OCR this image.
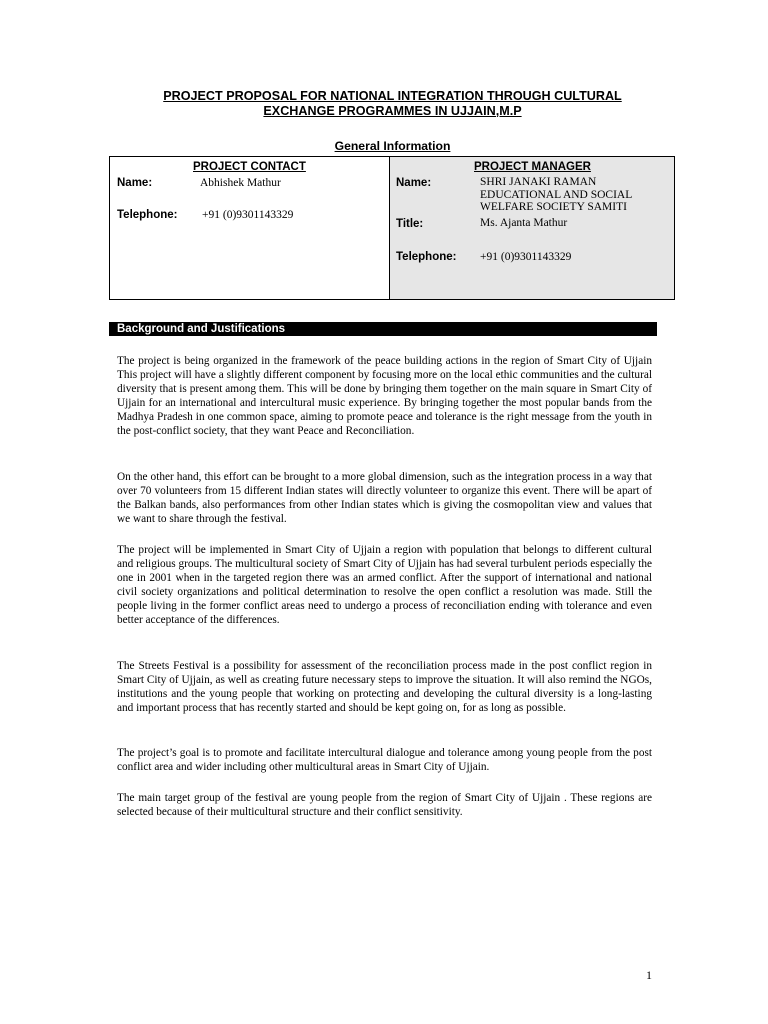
PROJECT PROPOSAL FOR NATIONAL INTEGRATION THROUGH CULTURAL
EXCHANGE PROGRAMMES IN UJJAIN,M.P
General Information
PROJECT CONTACT
Name:	Abhishek Mathur
Telephone: +91 (0)9301143329
PROJECT MANAGER
Name:	SHRI JANAKI RAMAN
EDUCATIONAL AND SOCIAL
WELFARE SOCIETY SAMITI
Title:	Ms. Ajanta Mathur
Telephone: +91 (0)9301143329
Background and Justifications

The project is being organized in the framework of the peace building actions in the region of Smart City of Ujjain This project will have a slightly different component by focusing more on the local ethic communities and the cultural diversity that is present among them. This will be done by bringing them together on the main square in Smart City of Ujjain for an international and intercultural music experience. By bringing together the most popular bands from the Madhya Pradesh in one common space, aiming to promote peace and tolerance is the right message from the youth in the post-conflict society, that they want Peace and Reconciliation.

On the other hand, this effort can be brought to a more global dimension, such as the integration process in a way that over 70 volunteers from 15 different Indian states will directly volunteer to organize this event. There will be apart of the Balkan bands, also performances from other Indian states which is giving the cosmopolitan view and values that we want to share through the festival.

The project will be implemented in Smart City of Ujjain a region with population that belongs to different cultural and religious groups. The multicultural society of Smart City of Ujjain has had several turbulent periods especially the one in 2001 when in the targeted region there was an armed conflict. After the support of international and national civil society organizations and political determination to resolve the open conflict a resolution was made. Still the people living in the former conflict areas need to undergo a process of reconciliation ending with tolerance and even better acceptance of the differences.

The Streets Festival is a possibility for assessment of the reconciliation process made in the post conflict region in Smart City of Ujjain, as well as creating future necessary steps to improve the situation. It will also remind the NGOs, institutions and the young people that working on protecting and developing the cultural diversity is a long-lasting and important process that has recently started and should be kept going on, for as long as possible.

The project’s goal is to promote and facilitate intercultural dialogue and tolerance among young people from the post conflict area and wider including other multicultural areas in Smart City of Ujjain.

The main target group of the festival are young people from the region of Smart City of Ujjain . These regions are selected because of their multicultural structure and their conflict sensitivity.

1
